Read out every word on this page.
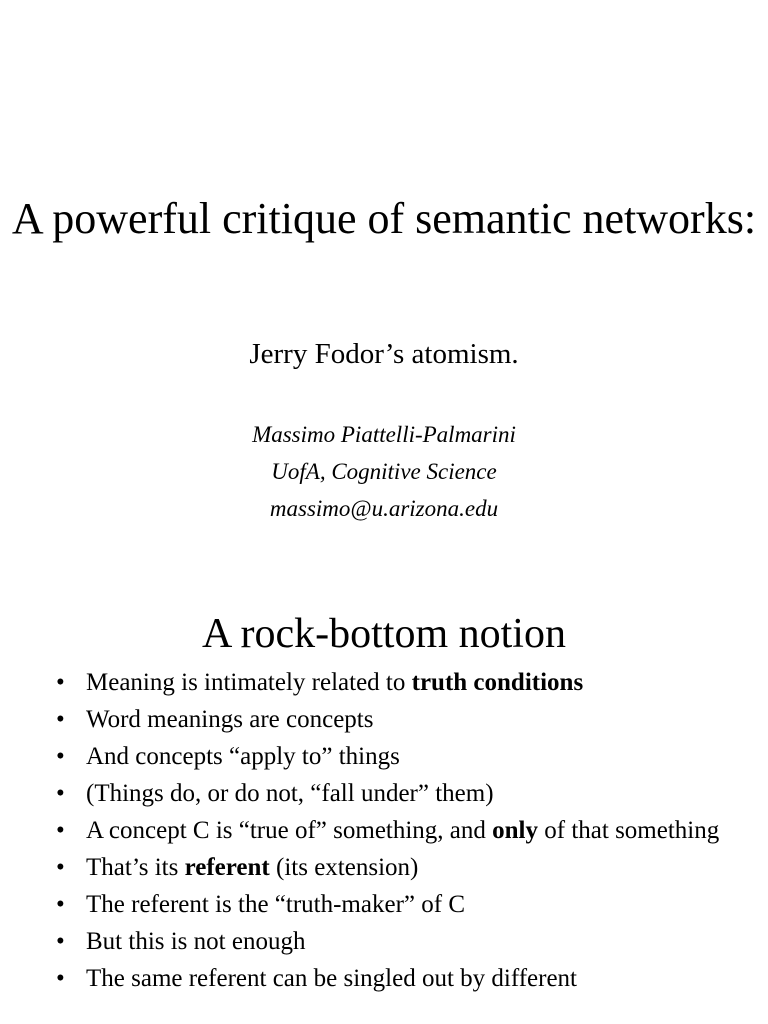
A powerful critique of semantic networks:

Jerry Fodor’s atomism.

Massimo Piattelli-Palmarini
UofA, Cognitive Science
massimo@u.arizona.edu
A rock-bottom notion
• Meaning is intimately related to truth conditions
• Word meanings are concepts
• And concepts “apply to” things
• (Things do, or do not, “fall under” them)
• A concept C is “true of” something, and only of that something
• That’s its referent (its extension)
• The referent is the “truth-maker” of C
• But this is not enough
• The same referent can be singled out by different
